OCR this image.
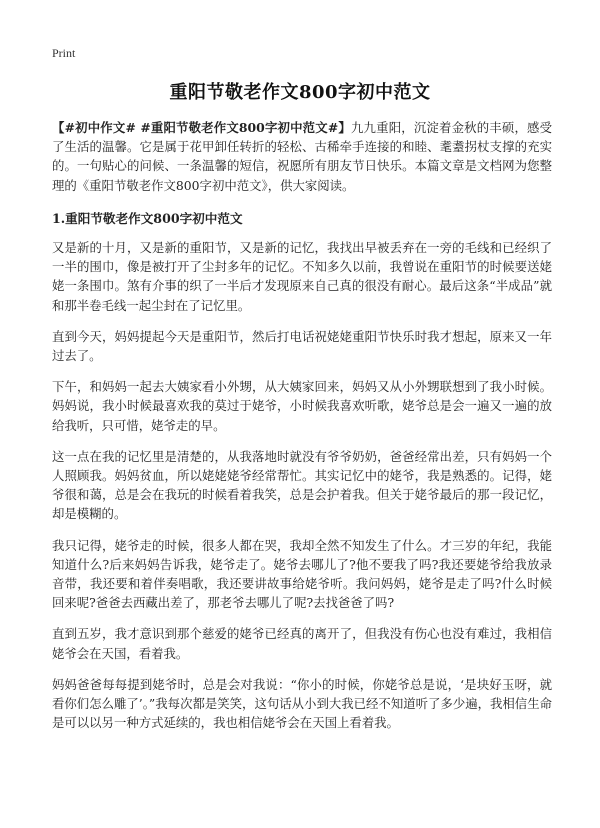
Print
重阳节敬老作文800字初中范文

【#初中作文# #重阳节敬老作文800字初中范文#】九九重阳，沉淀着金秋的丰硕，感受了生活的温馨。它是属于花甲卸任转折的轻松、古稀牵手连接的和睦、耄耋拐杖支撑的充实的。一句贴心的问候、一条温馨的短信，祝愿所有朋友节日快乐。本篇文章是文档网为您整理的《重阳节敬老作文800字初中范文》，供大家阅读。

1.重阳节敬老作文800字初中范文

又是新的十月，又是新的重阳节，又是新的记忆，我找出早被丢弃在一旁的毛线和已经织了一半的围巾，像是被打开了尘封多年的记忆。不知多久以前，我曾说在重阳节的时候要送姥姥一条围巾。煞有介事的织了一半后才发现原来自己真的很没有耐心。最后这条“半成品”就和那半卷毛线一起尘封在了记忆里。

直到今天，妈妈提起今天是重阳节，然后打电话祝姥姥重阳节快乐时我才想起，原来又一年过去了。

下午，和妈妈一起去大姨家看小外甥，从大姨家回来，妈妈又从小外甥联想到了我小时候。妈妈说，我小时候最喜欢我的莫过于姥爷，小时候我喜欢听歌，姥爷总是会一遍又一遍的放给我听，只可惜，姥爷走的早。

这一点在我的记忆里是清楚的，从我落地时就没有爷爷奶奶，爸爸经常出差，只有妈妈一个人照顾我。妈妈贫血，所以姥姥姥爷经常帮忙。其实记忆中的姥爷，我是熟悉的。记得，姥爷很和蔼，总是会在我玩的时候看着我笑，总是会护着我。但关于姥爷最后的那一段记忆，却是模糊的。

我只记得，姥爷走的时候，很多人都在哭，我却全然不知发生了什么。才三岁的年纪，我能知道什么?后来妈妈告诉我，姥爷走了。姥爷去哪儿了?他不要我了吗?我还要姥爷给我放录音带，我还要和着伴奏唱歌，我还要讲故事给姥爷听。我问妈妈，姥爷是走了吗?什么时候回来呢?爸爸去西藏出差了，那老爷去哪儿了呢?去找爸爸了吗?

直到五岁，我才意识到那个慈爱的姥爷已经真的离开了，但我没有伤心也没有难过，我相信姥爷会在天国，看着我。

妈妈爸爸每每提到姥爷时，总是会对我说：“你小的时候，你姥爷总是说，‘是块好玉呀，就看你们怎么雕了’。”我每次都是笑笑，这句话从小到大我已经不知道听了多少遍，我相信生命是可以以另一种方式延续的，我也相信姥爷会在天国上看着我。
